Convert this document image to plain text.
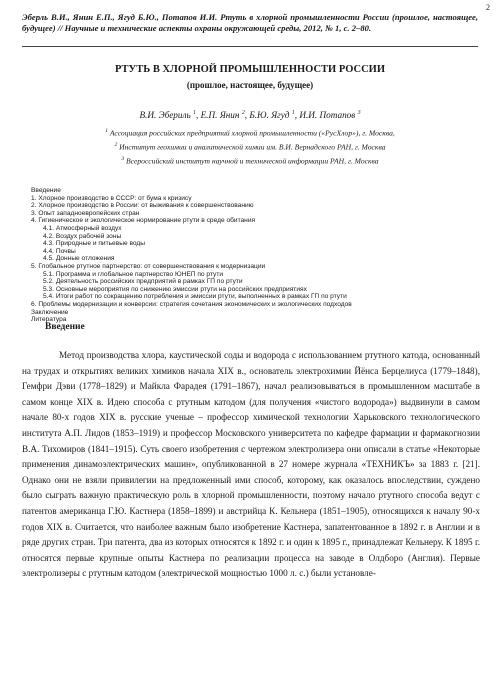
2
Эберль В.И., Янин Е.П., Ягуд Б.Ю., Потапов И.И. Ртуть в хлорной промышленности России (прошлое, настоящее, будущее) // Научные и технические аспекты охраны окружающей среды, 2012, № 1, с. 2–80.
РТУТЬ В ХЛОРНОЙ ПРОМЫШЛЕННОСТИ РОССИИ
(прошлое, настоящее, будущее)
В.И. Эбериль $^1$, Е.П. Янин $^2$, Б.Ю. Ягуд $^1$, И.И. Потапов $^3$
$^1$ Ассоциация российских предприятий хлорной промышленности («РусХлор»), г. Москва,
$^2$ Институт геохимии и аналитической химии им. В.И. Вернадского РАН, г. Москва
$^3$ Всероссийский институт научной и технической информации РАН, г. Москва
Введение
1. Хлорное производство в СССР: от бума к кризису
2. Хлорное производство в России: от выживания к совершенствованию
3. Опыт западноевропейских стран
4. Гигиеническое и экологическое нормирование ртути в среде обитания
4.1. Атмосферный воздух
4.2. Воздух рабочей зоны
4.3. Природные и питьевые воды
4.4. Почвы
4.5. Донные отложения
5. Глобальное ртутное партнерство: от совершенствования к модернизации
5.1. Программа и глобальное партнерство ЮНЕП по ртути
5.2. Деятельность российских предприятий в рамках ГП по ртути
5.3. Основные мероприятия по снижению эмиссии ртути на российских предприятиях
5.4. Итоги работ по сокращению потребления и эмиссии ртути, выполненных в рамках ГП по ртути
6. Проблемы модернизации и конверсии: стратегия сочетания экономических и экологических подходов
Заключение
Литература
Введение

Метод производства хлора, каустической соды и водорода с использованием ртутного катода, основанный на трудах и открытиях великих химиков начала XIX в., основатель электрохимии Йёнса Берцелиуса (1779–1848), Гемфри Дэви (1778–1829) и Майкла Фарадея (1791–1867), начал реализовываться в промышленном масштабе в самом конце XIX в. Идею способа с ртутным катодом (для получения «чистого водорода») выдвинули в самом начале 80-х годов XIX в. русские ученые – профессор химической технологии Харьковского технологического института А.П. Лидов (1853–1919) и профессор Московского университета по кафедре фармации и фармакогнозии В.А. Тихомиров (1841–1915). Суть своего изобретения с чертежом электролизера они описали в статье «Некоторые применения динамоэлектрических машин», опубликованной в 27 номере журнала «ТЕХНИКЪ» за 1883 г. [21]. Однако они не взяли привилегии на предложенный ими способ, которому, как оказалось впоследствии, суждено было сыграть важную практическую роль в хлорной промышленности, поэтому начало ртутного способа ведут с патентов американца Г.Ю. Кастнера (1858–1899) и австрийца К. Кельнера (1851–1905), относящихся к началу 90-х годов XIX в. Считается, что наиболее важным было изобретение Кастнера, запатентованное в 1892 г. в Англии и в ряде других стран. Три патента, два из которых относятся к 1892 г. и один к 1895 г., принадлежат Кельнеру. К 1895 г. относятся первые крупные опыты Кастнера по реализации процесса на заводе в Олдборо (Англия). Первые электролизеры с ртутным катодом (электрической мощностью 1000 л. с.) были установле-
